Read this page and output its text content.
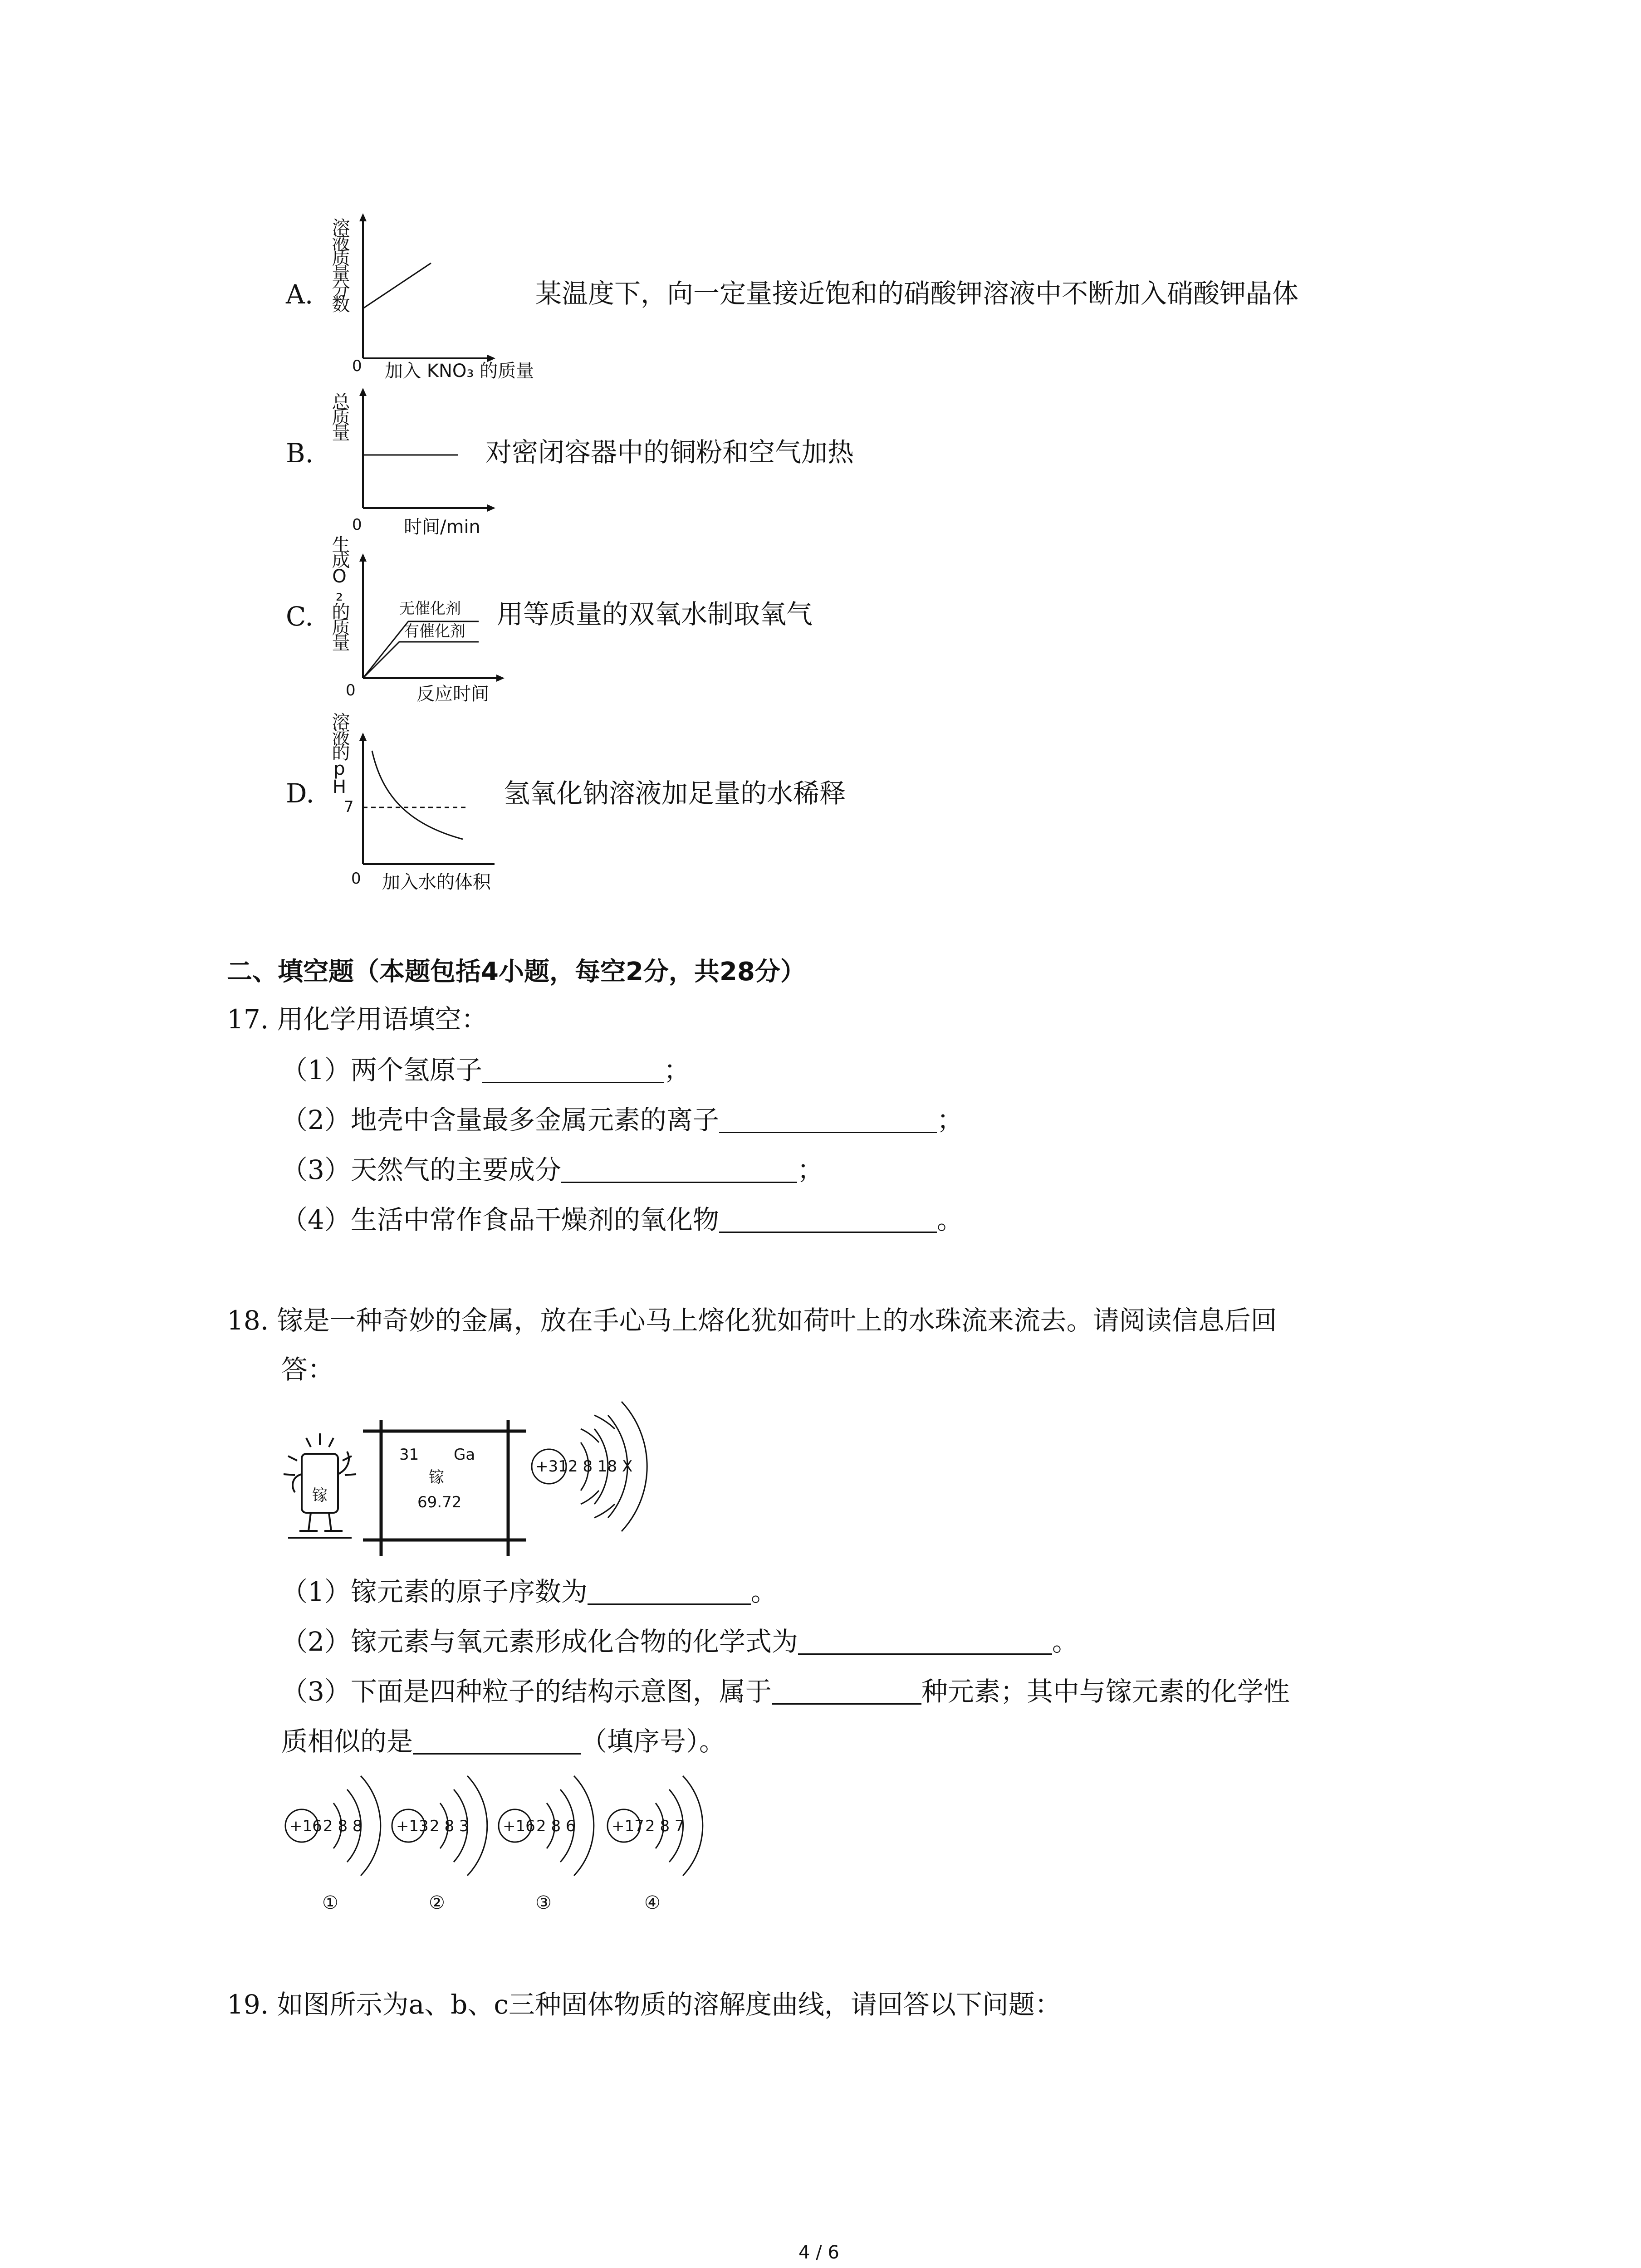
A. 溶液质量分数
0 加入 KNO₃ 的质量
某温度下，向一定量接近饱和的硝酸钾溶液中不断加入硝酸钾晶体
B.
总质量
0 时间/min
对密闭容器中的铜粉和空气加热
C. 生成O₂的质量
0	反应时间
无催化剂
有催化剂
用等质量的双氧水制取氧气
D. 溶液的pH
7
0 加入水的体积
氢氧化钠溶液加足量的水稀释
二、填空题（本题包括4小题，每空2分，共28分）
17. 用化学用语填空：
（1）两个氢原子	；
（2）地壳中含量最多金属元素的离子	；
（3）天然气的主要成分	；
（4）生活中常作食品干燥剂的氧化物	。
18. 镓是一种奇妙的金属，放在手心马上熔化犹如荷叶上的水珠流来流去。请阅读信息后回
答：
镓
31 Ga
镓
69.72
+31 2 8 18 X
（1）镓元素的原子序数为	。
（2）镓元素与氧元素形成化合物的化学式为	。
（3）下面是四种粒子的结构示意图，属于	种元素；其中与镓元素的化学性
质相似的是	（填序号）。
+16 2 8 8
①
+13 2 8 3
②
+16 2 8 6
③
+17 2 8 7
④
19. 如图所示为a、b、c三种固体物质的溶解度曲线，请回答以下问题：
4 / 6
